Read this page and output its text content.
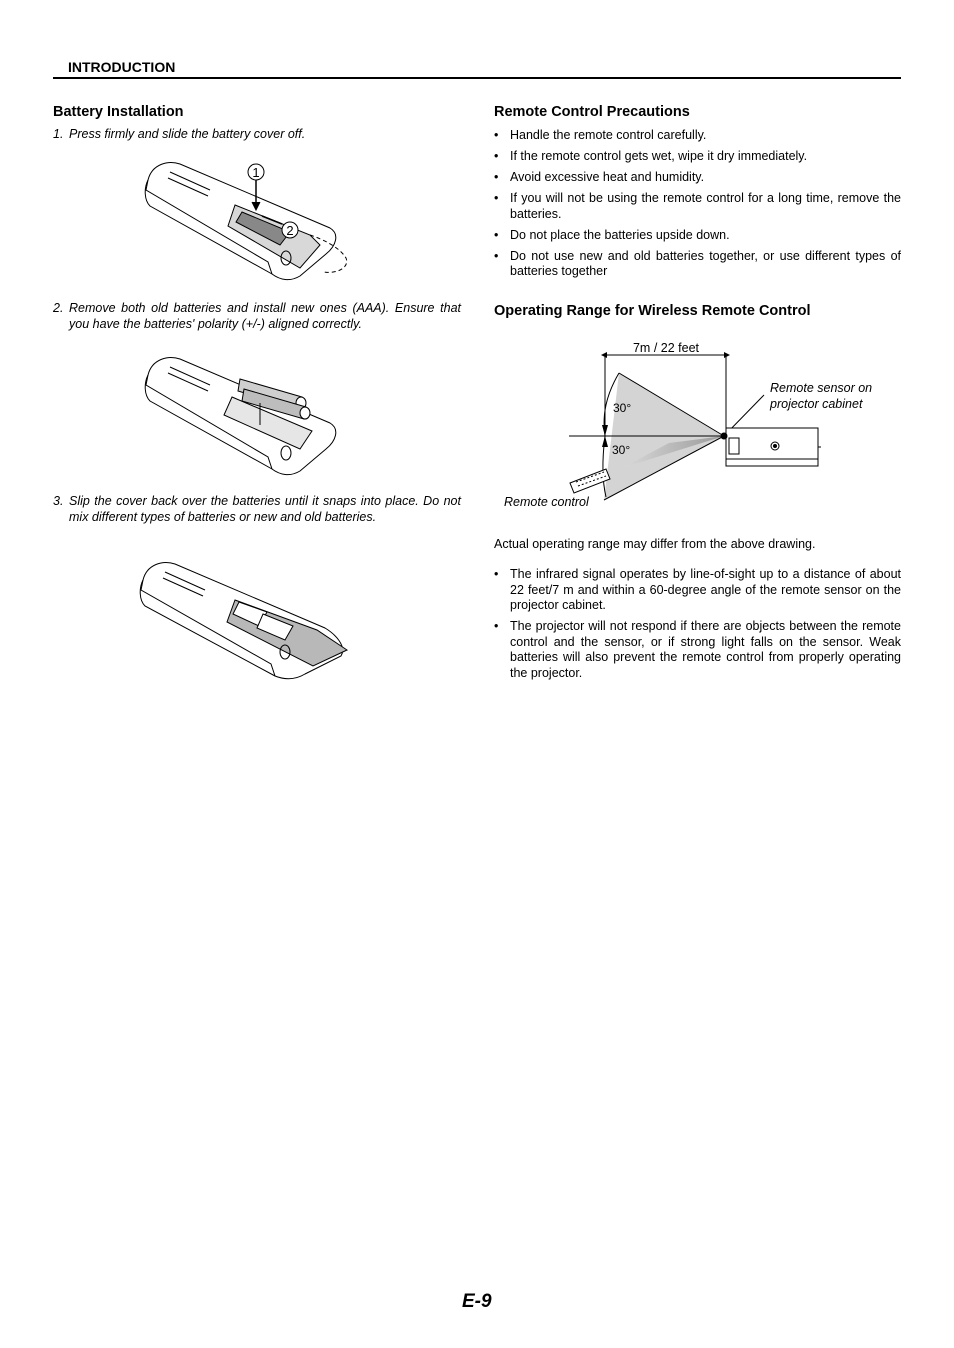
INTRODUCTION
Battery Installation
1. Press firmly and slide the battery cover off.
1
2
2. Remove both old batteries and install new ones (AAA). Ensure that you have the batteries' polarity (+/-) aligned correctly.
3. Slip the cover back over the batteries until it snaps into place. Do not mix different types of batteries or new and old batteries.
Remote Control Precautions
• Handle the remote control carefully.
• If the remote control gets wet, wipe it dry immediately.
• Avoid excessive heat and humidity.
• If you will not be using the remote control for a long time, remove the batteries.
• Do not place the batteries upside down.
• Do not use new and old batteries together, or use different types of batteries together
Operating Range for Wireless Remote Control
7m / 22 feet
30°
30°
Remote sensor on
projector cabinet
Remote control
Actual operating range may differ from the above drawing.
• The infrared signal operates by line-of-sight up to a distance of about 22 feet/7 m and within a 60-degree angle of the remote sensor on the projector cabinet.
• The projector will not respond if there are objects between the remote control and the sensor, or if strong light falls on the sensor. Weak batteries will also prevent the remote control from properly operating the projector.
E-9
